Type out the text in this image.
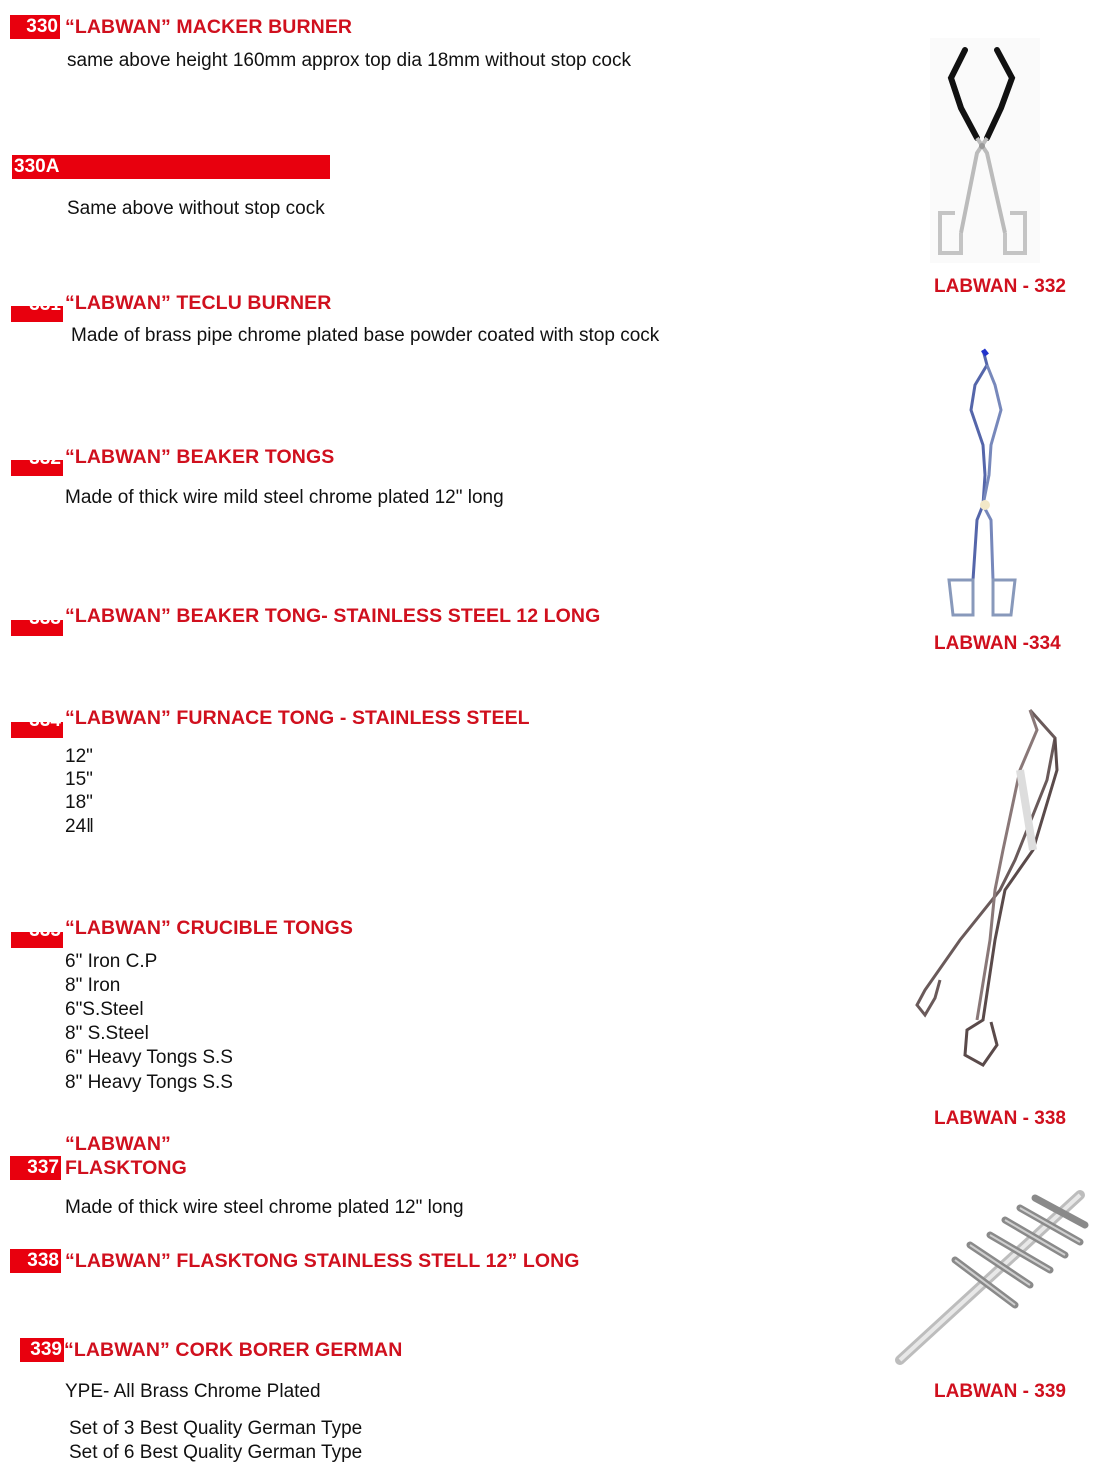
330 “LABWAN” MACKER BURNER
same above height 160mm approx top dia 18mm without stop cock
330A
Same above without stop cock
331 “LABWAN” TECLU BURNER
Made of brass pipe chrome plated base powder coated with stop cock
332 “LABWAN” BEAKER TONGS
Made of thick wire mild steel chrome plated 12" long
333 “LABWAN” BEAKER TONG- STAINLESS STEEL 12 LONG
334 “LABWAN” FURNACE TONG - STAINLESS STEEL
12"
15"
18"
24‖
335 “LABWAN” CRUCIBLE TONGS
6" Iron C.P
8" Iron
6"S.Steel
8" S.Steel
6" Heavy Tongs S.S
8" Heavy Tongs S.S
“LABWAN”
337 FLASKTONG
Made of thick wire steel chrome plated 12" long
338 “LABWAN” FLASKTONG STAINLESS STELL 12” LONG
339 “LABWAN” CORK BORER GERMAN
YPE- All Brass Chrome Plated
Set of 3 Best Quality German Type
Set of 6 Best Quality German Type
LABWAN - 332
LABWAN -334
LABWAN - 338
LABWAN - 339
